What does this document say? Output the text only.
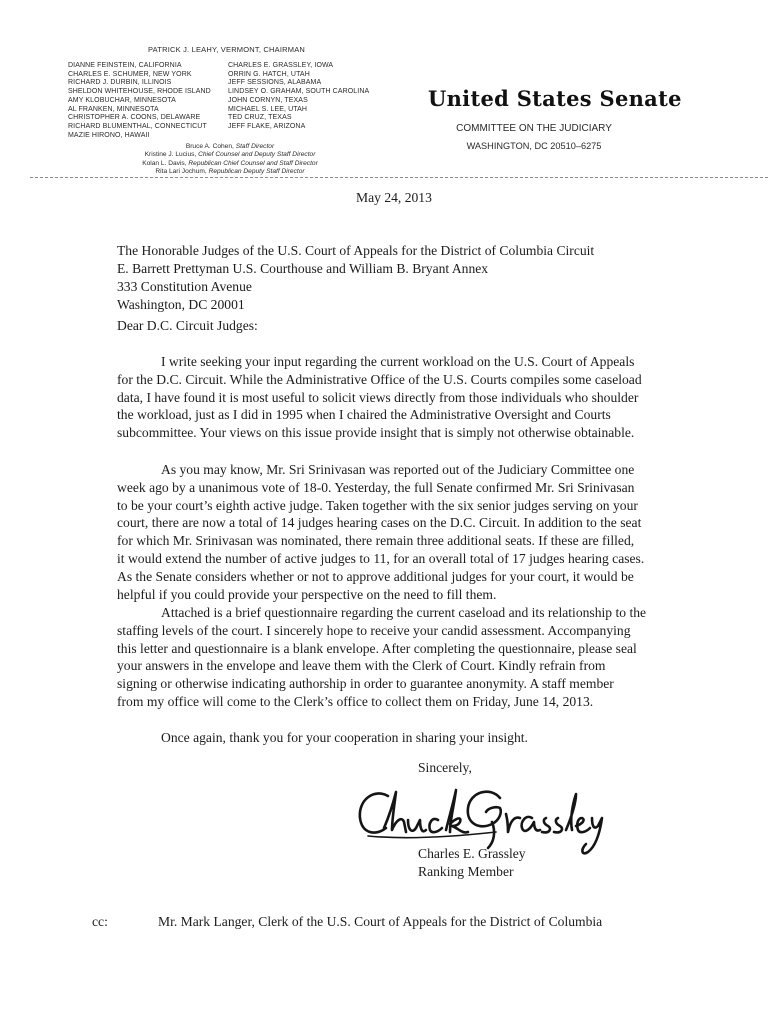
PATRICK J. LEAHY, VERMONT, CHAIRMAN
DIANNE FEINSTEIN, CALIFORNIA
CHARLES E. SCHUMER, NEW YORK
RICHARD J. DURBIN, ILLINOIS
SHELDON WHITEHOUSE, RHODE ISLAND
AMY KLOBUCHAR, MINNESOTA
AL FRANKEN, MINNESOTA
CHRISTOPHER A. COONS, DELAWARE
RICHARD BLUMENTHAL, CONNECTICUT
MAZIE HIRONO, HAWAII
CHARLES E. GRASSLEY, IOWA
ORRIN G. HATCH, UTAH
JEFF SESSIONS, ALABAMA
LINDSEY O. GRAHAM, SOUTH CAROLINA
JOHN CORNYN, TEXAS
MICHAEL S. LEE, UTAH
TED CRUZ, TEXAS
JEFF FLAKE, ARIZONA
Bruce A. Cohen, Staff Director
Kristine J. Lucius, Chief Counsel and Deputy Staff Director
Kolan L. Davis, Republican Chief Counsel and Staff Director
Rita Lari Jochum, Republican Deputy Staff Director
United States Senate
COMMITTEE ON THE JUDICIARY
WASHINGTON, DC 20510–6275
May 24, 2013
The Honorable Judges of the U.S. Court of Appeals for the District of Columbia Circuit
E. Barrett Prettyman U.S. Courthouse and William B. Bryant Annex
333 Constitution Avenue
Washington, DC 20001
Dear D.C. Circuit Judges:
I write seeking your input regarding the current workload on the U.S. Court of Appeals
for the D.C. Circuit. While the Administrative Office of the U.S. Courts compiles some caseload
data, I have found it is most useful to solicit views directly from those individuals who shoulder
the workload, just as I did in 1995 when I chaired the Administrative Oversight and Courts
subcommittee. Your views on this issue provide insight that is simply not otherwise obtainable.
As you may know, Mr. Sri Srinivasan was reported out of the Judiciary Committee one
week ago by a unanimous vote of 18-0. Yesterday, the full Senate confirmed Mr. Sri Srinivasan
to be your court’s eighth active judge. Taken together with the six senior judges serving on your
court, there are now a total of 14 judges hearing cases on the D.C. Circuit. In addition to the seat
for which Mr. Srinivasan was nominated, there remain three additional seats. If these are filled,
it would extend the number of active judges to 11, for an overall total of 17 judges hearing cases.
As the Senate considers whether or not to approve additional judges for your court, it would be
helpful if you could provide your perspective on the need to fill them.
Attached is a brief questionnaire regarding the current caseload and its relationship to the
staffing levels of the court. I sincerely hope to receive your candid assessment. Accompanying
this letter and questionnaire is a blank envelope. After completing the questionnaire, please seal
your answers in the envelope and leave them with the Clerk of Court. Kindly refrain from
signing or otherwise indicating authorship in order to guarantee anonymity. A staff member
from my office will come to the Clerk’s office to collect them on Friday, June 14, 2013.
Once again, thank you for your cooperation in sharing your insight.
Sincerely,
Charles E. Grassley
Ranking Member
cc:	Mr. Mark Langer, Clerk of the U.S. Court of Appeals for the District of Columbia
